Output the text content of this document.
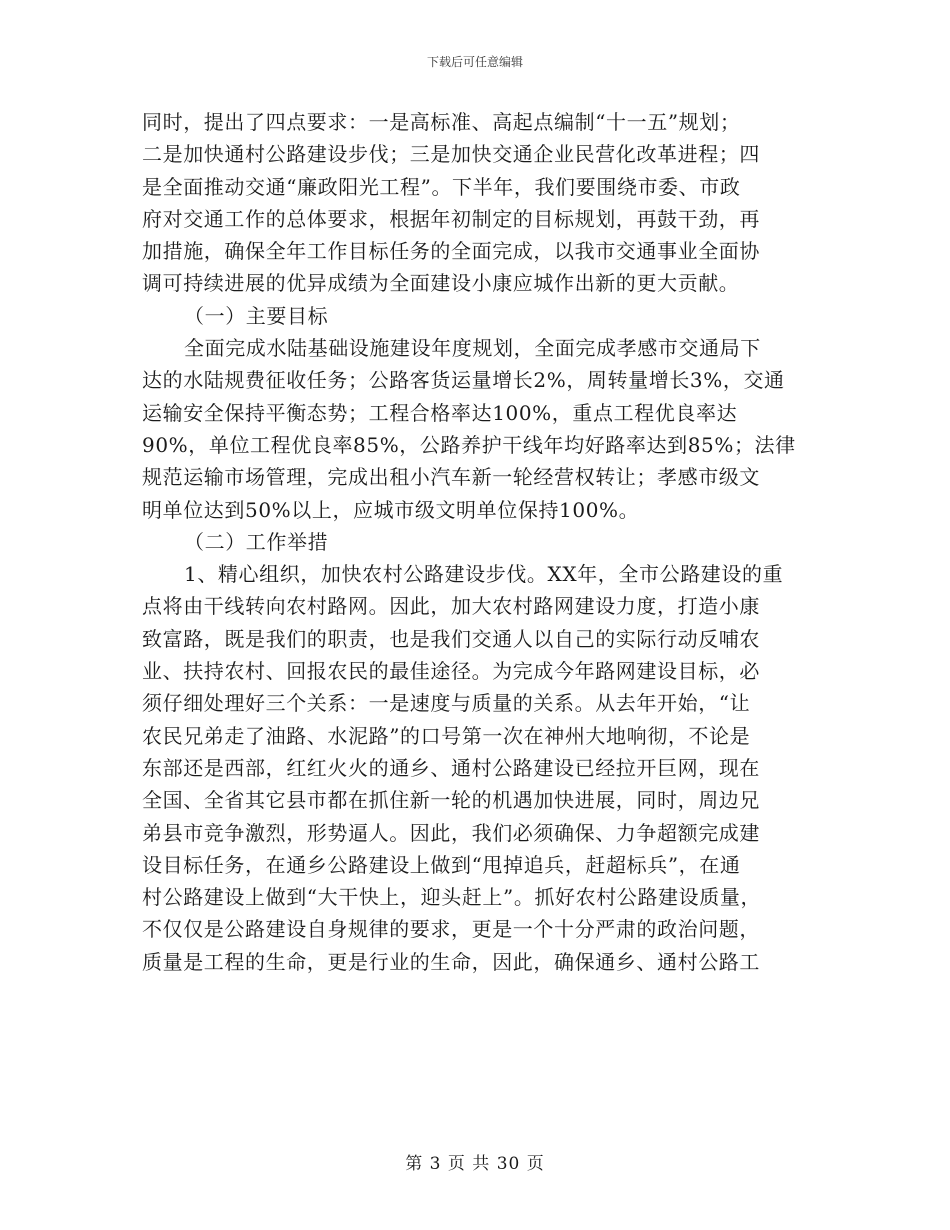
下载后可任意编辑
同时，提出了四点要求：一是高标准、高起点编制“十一五”规划；
二是加快通村公路建设步伐；三是加快交通企业民营化改革进程；四
是全面推动交通“廉政阳光工程”。下半年，我们要围绕市委、市政
府对交通工作的总体要求，根据年初制定的目标规划，再鼓干劲，再
加措施，确保全年工作目标任务的全面完成，以我市交通事业全面协
调可持续进展的优异成绩为全面建设小康应城作出新的更大贡献。
（一）主要目标
全面完成水陆基础设施建设年度规划，全面完成孝感市交通局下
达的水陆规费征收任务；公路客货运量增长2%，周转量增长3%，交通
运输安全保持平衡态势；工程合格率达100%，重点工程优良率达
90%，单位工程优良率85%，公路养护干线年均好路率达到85%；法律
规范运输市场管理，完成出租小汽车新一轮经营权转让；孝感市级文
明单位达到50%以上，应城市级文明单位保持100%。
（二）工作举措
1、精心组织，加快农村公路建设步伐。XX年，全市公路建设的重
点将由干线转向农村路网。因此，加大农村路网建设力度，打造小康
致富路，既是我们的职责，也是我们交通人以自己的实际行动反哺农
业、扶持农村、回报农民的最佳途径。为完成今年路网建设目标，必
须仔细处理好三个关系：一是速度与质量的关系。从去年开始，“让
农民兄弟走了油路、水泥路”的口号第一次在神州大地响彻，不论是
东部还是西部，红红火火的通乡、通村公路建设已经拉开巨网，现在
全国、全省其它县市都在抓住新一轮的机遇加快进展，同时，周边兄
弟县市竞争激烈，形势逼人。因此，我们必须确保、力争超额完成建
设目标任务，在通乡公路建设上做到“甩掉追兵，赶超标兵”，在通
村公路建设上做到“大干快上，迎头赶上”。抓好农村公路建设质量，
不仅仅是公路建设自身规律的要求，更是一个十分严肃的政治问题，
质量是工程的生命，更是行业的生命，因此，确保通乡、通村公路工
第 3 页 共 30 页
